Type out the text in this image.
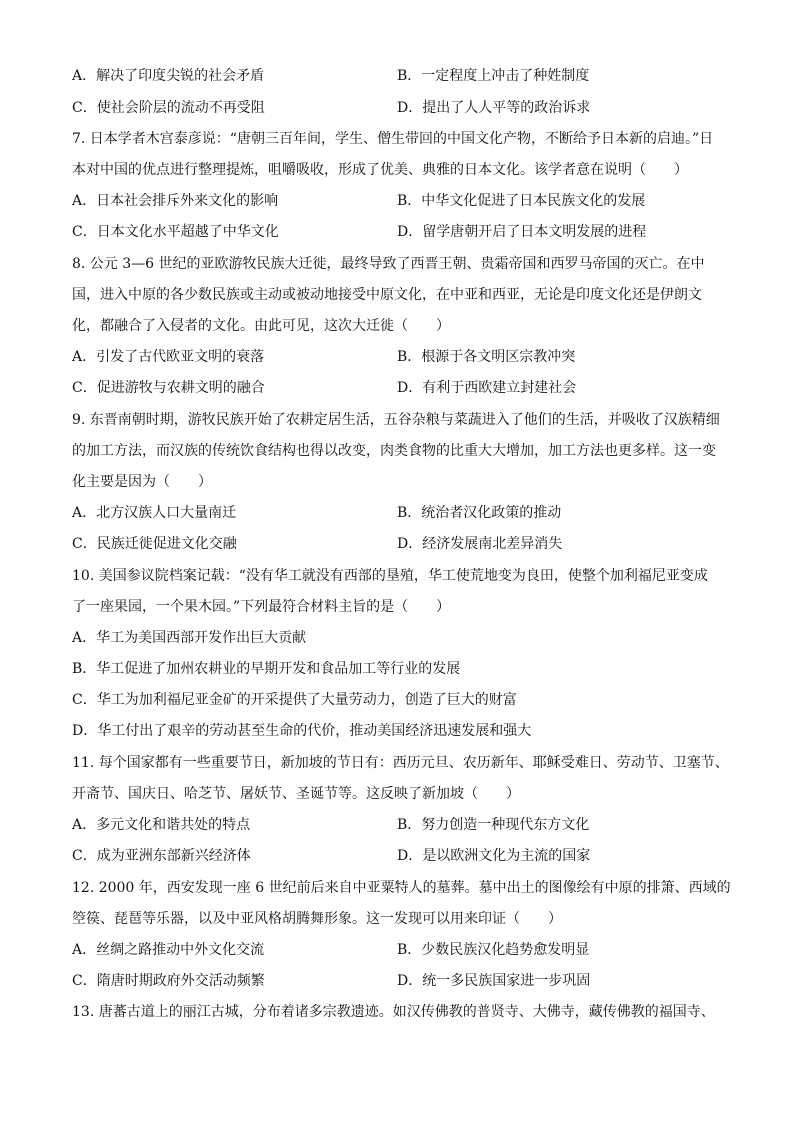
A．解决了印度尖锐的社会矛盾	B．一定程度上冲击了种姓制度
C．使社会阶层的流动不再受阻	D．提出了人人平等的政治诉求
7. 日本学者木宫泰彦说：“唐朝三百年间，学生、僧生带回的中国文化产物，不断给予日本新的启迪。”日
本对中国的优点进行整理提炼，咀嚼吸收，形成了优美、典雅的日本文化。该学者意在说明（　　）
A．日本社会排斥外来文化的影响	B．中华文化促进了日本民族文化的发展
C．日本文化水平超越了中华文化	D．留学唐朝开启了日本文明发展的进程
8. 公元 3—6 世纪的亚欧游牧民族大迁徙，最终导致了西晋王朝、贵霜帝国和西罗马帝国的灭亡。在中
国，进入中原的各少数民族或主动或被动地接受中原文化，在中亚和西亚，无论是印度文化还是伊朗文
化，都融合了入侵者的文化。由此可见，这次大迁徙（　　）
A．引发了古代欧亚文明的衰落	B．根源于各文明区宗教冲突
C．促进游牧与农耕文明的融合	D．有利于西欧建立封建社会
9. 东晋南朝时期，游牧民族开始了农耕定居生活，五谷杂粮与菜蔬进入了他们的生活，并吸收了汉族精细
的加工方法，而汉族的传统饮食结构也得以改变，肉类食物的比重大大增加，加工方法也更多样。这一变
化主要是因为（　　）
A．北方汉族人口大量南迁	B．统治者汉化政策的推动
C．民族迁徙促进文化交融	D．经济发展南北差异消失
10. 美国参议院档案记载：“没有华工就没有西部的垦殖，华工使荒地变为良田，使整个加利福尼亚变成
了一座果园，一个果木园。”下列最符合材料主旨的是（　　）
A．华工为美国西部开发作出巨大贡献
B．华工促进了加州农耕业的早期开发和食品加工等行业的发展
C．华工为加利福尼亚金矿的开采提供了大量劳动力，创造了巨大的财富
D．华工付出了艰辛的劳动甚至生命的代价，推动美国经济迅速发展和强大
11. 每个国家都有一些重要节日，新加坡的节日有：西历元旦、农历新年、耶稣受难日、劳动节、卫塞节、
开斋节、国庆日、哈芝节、屠妖节、圣诞节等。这反映了新加坡（　　）
A．多元文化和谐共处的特点	B．努力创造一种现代东方文化
C．成为亚洲东部新兴经济体	D．是以欧洲文化为主流的国家
12. 2000 年，西安发现一座 6 世纪前后来自中亚粟特人的墓葬。墓中出土的图像绘有中原的排箫、西域的
箜篌、琵琶等乐器，以及中亚风格胡腾舞形象。这一发现可以用来印证（　　）
A．丝绸之路推动中外文化交流	B．少数民族汉化趋势愈发明显
C．隋唐时期政府外交活动频繁	D．统一多民族国家进一步巩固
13. 唐蕃古道上的丽江古城，分布着诸多宗教遗迹。如汉传佛教的普贤寺、大佛寺，藏传佛教的福国寺、
